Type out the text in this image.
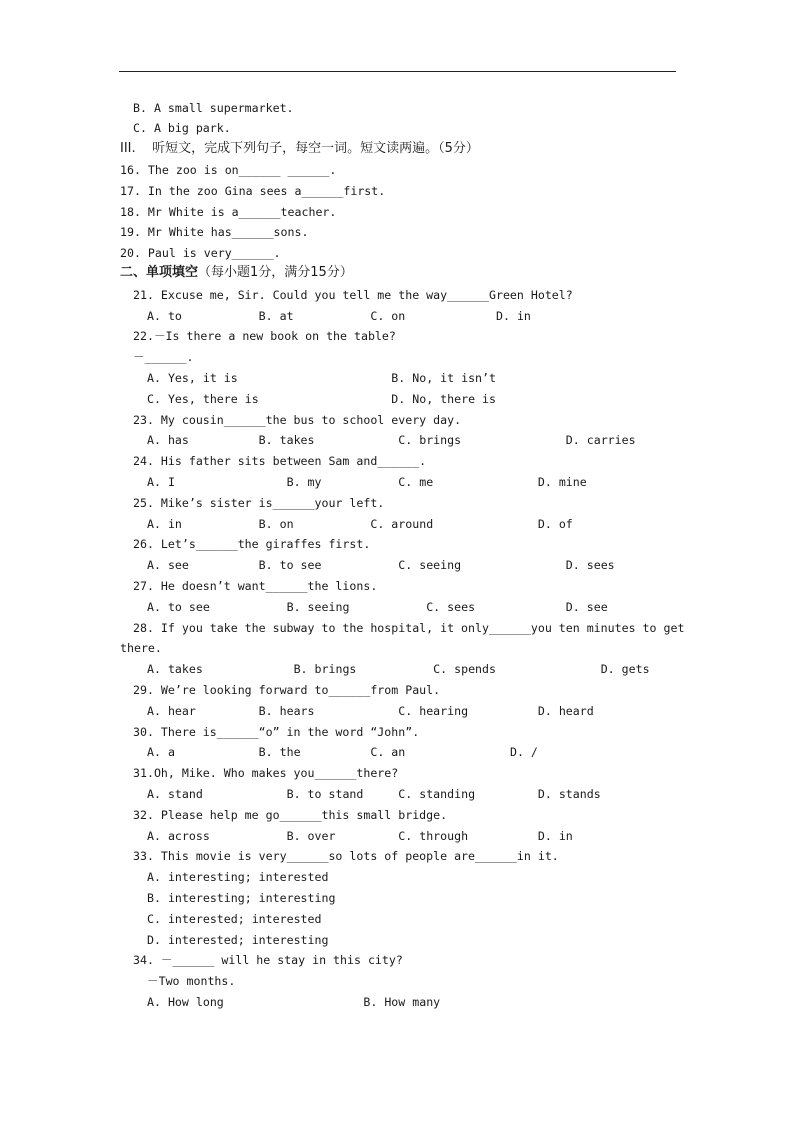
B. A small supermarket.
C. A big park.
III.    听短文，完成下列句子，每空一词。短文读两遍。（5分）
16. The zoo is on______ ______.
17. In the zoo Gina sees a______first.
18. Mr White is a______teacher.
19. Mr White has______sons.
20. Paul is very______.
二、单项填空（每小题1分，满分15分）
21. Excuse me, Sir. Could you tell me the way______Green Hotel?
A. to           B. at           C. on             D. in
22.－Is there a new book on the table?
－______.
A. Yes, it is                      B. No, it isn’t
C. Yes, there is                   D. No, there is
23. My cousin______the bus to school every day.
A. has          B. takes            C. brings               D. carries
24. His father sits between Sam and______.
A. I                B. my           C. me               D. mine
25. Mike’s sister is______your left.
A. in           B. on           C. around               D. of
26. Let’s______the giraffes first.
A. see          B. to see           C. seeing               D. sees
27. He doesn’t want______the lions.
A. to see           B. seeing           C. sees             D. see
28. If you take the subway to the hospital, it only______you ten minutes to get
there.
A. takes             B. brings           C. spends               D. gets
29. We’re looking forward to______from Paul.
A. hear         B. hears            C. hearing          D. heard
30. There is______“o” in the word “John”.
A. a            B. the          C. an               D. /
31.Oh, Mike. Who makes you______there?
A. stand            B. to stand     C. standing         D. stands
32. Please help me go______this small bridge.
A. across           B. over         C. through          D. in
33. This movie is very______so lots of people are______in it.
A. interesting; interested
B. interesting; interesting
C. interested; interested
D. interested; interesting
34. －______ will he stay in this city?
－Two months.
A. How long                    B. How many
